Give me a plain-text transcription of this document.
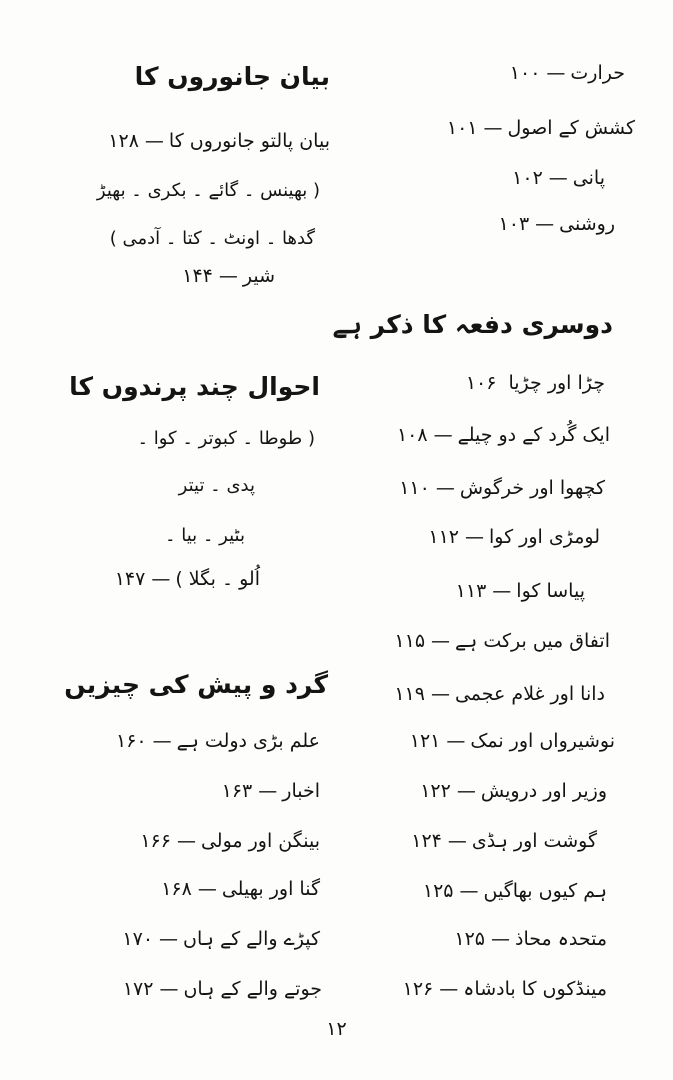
حرارت—۱۰۰
کشش کے اصول—۱۰۱
پانی—۱۰۲
روشنی—۱۰۳
دوسری دفعہ کا ذکر ہے
چڑا اور چڑیا۱۰۶
ایک گُرد کے دو چیلے—۱۰۸
کچھوا اور خرگوش—۱۱۰
لومڑی اور کوا—۱۱۲
پیاسا کوا—۱۱۳
اتفاق میں برکت ہے—۱۱۵
دانا اور غلام عجمی—۱۱۹
نوشیرواں اور نمک—۱۲۱
وزیر اور درویش—۱۲۲
گوشت اور ہڈی—۱۲۴
ہم کیوں بھاگیں—۱۲۵
متحدہ محاذ—۱۲۵
مینڈکوں کا بادشاہ—۱۲۶
بیان جانوروں کا
بیان پالتو جانوروں کا—۱۲۸
( بھینس ۔ گائے ۔ بکری ۔ بھیڑ
گدھا ۔ اونٹ ۔ کتا ۔ آدمی )
شیر—۱۴۴
احوال چند پرندوں کا
( طوطا ۔ کبوتر ۔ کوا ۔
پدی ۔ تیتر
بٹیر ۔ بیا ۔
اُلو ۔ بگلا )—۱۴۷
گرد و پیش کی چیزیں
علم بڑی دولت ہے—۱۶۰
اخبار—۱۶۳
بینگن اور مولی—۱۶۶
گنا اور بھیلی—۱۶۸
کپڑے والے کے ہاں—۱۷۰
جوتے والے کے ہاں—۱۷۲
۱۲
